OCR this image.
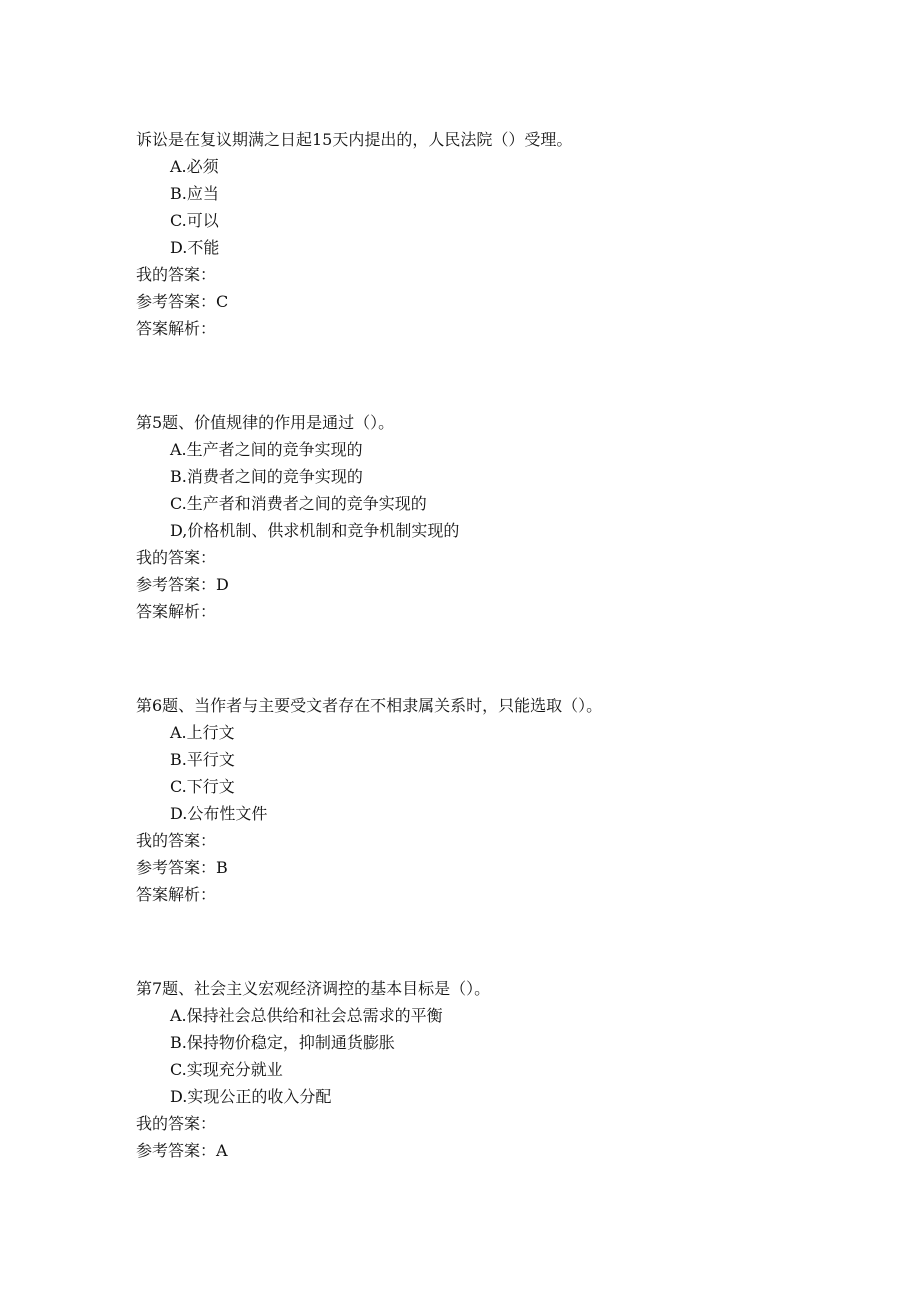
诉讼是在复议期满之日起15天内提出的，人民法院（）受理。
A.必须
B.应当
C.可以
D.不能
我的答案：
参考答案：C
答案解析：
第5题、价值规律的作用是通过（）。
A.生产者之间的竞争实现的
B.消费者之间的竞争实现的
C.生产者和消费者之间的竞争实现的
D,价格机制、供求机制和竞争机制实现的
我的答案：
参考答案：D
答案解析：
第6题、当作者与主要受文者存在不相隶属关系时，只能选取（）。
A.上行文
B.平行文
C.下行文
D.公布性文件
我的答案：
参考答案：B
答案解析：
第7题、社会主义宏观经济调控的基本目标是（）。
A.保持社会总供给和社会总需求的平衡
B.保持物价稳定，抑制通货膨胀
C.实现充分就业
D.实现公正的收入分配
我的答案：
参考答案：A
